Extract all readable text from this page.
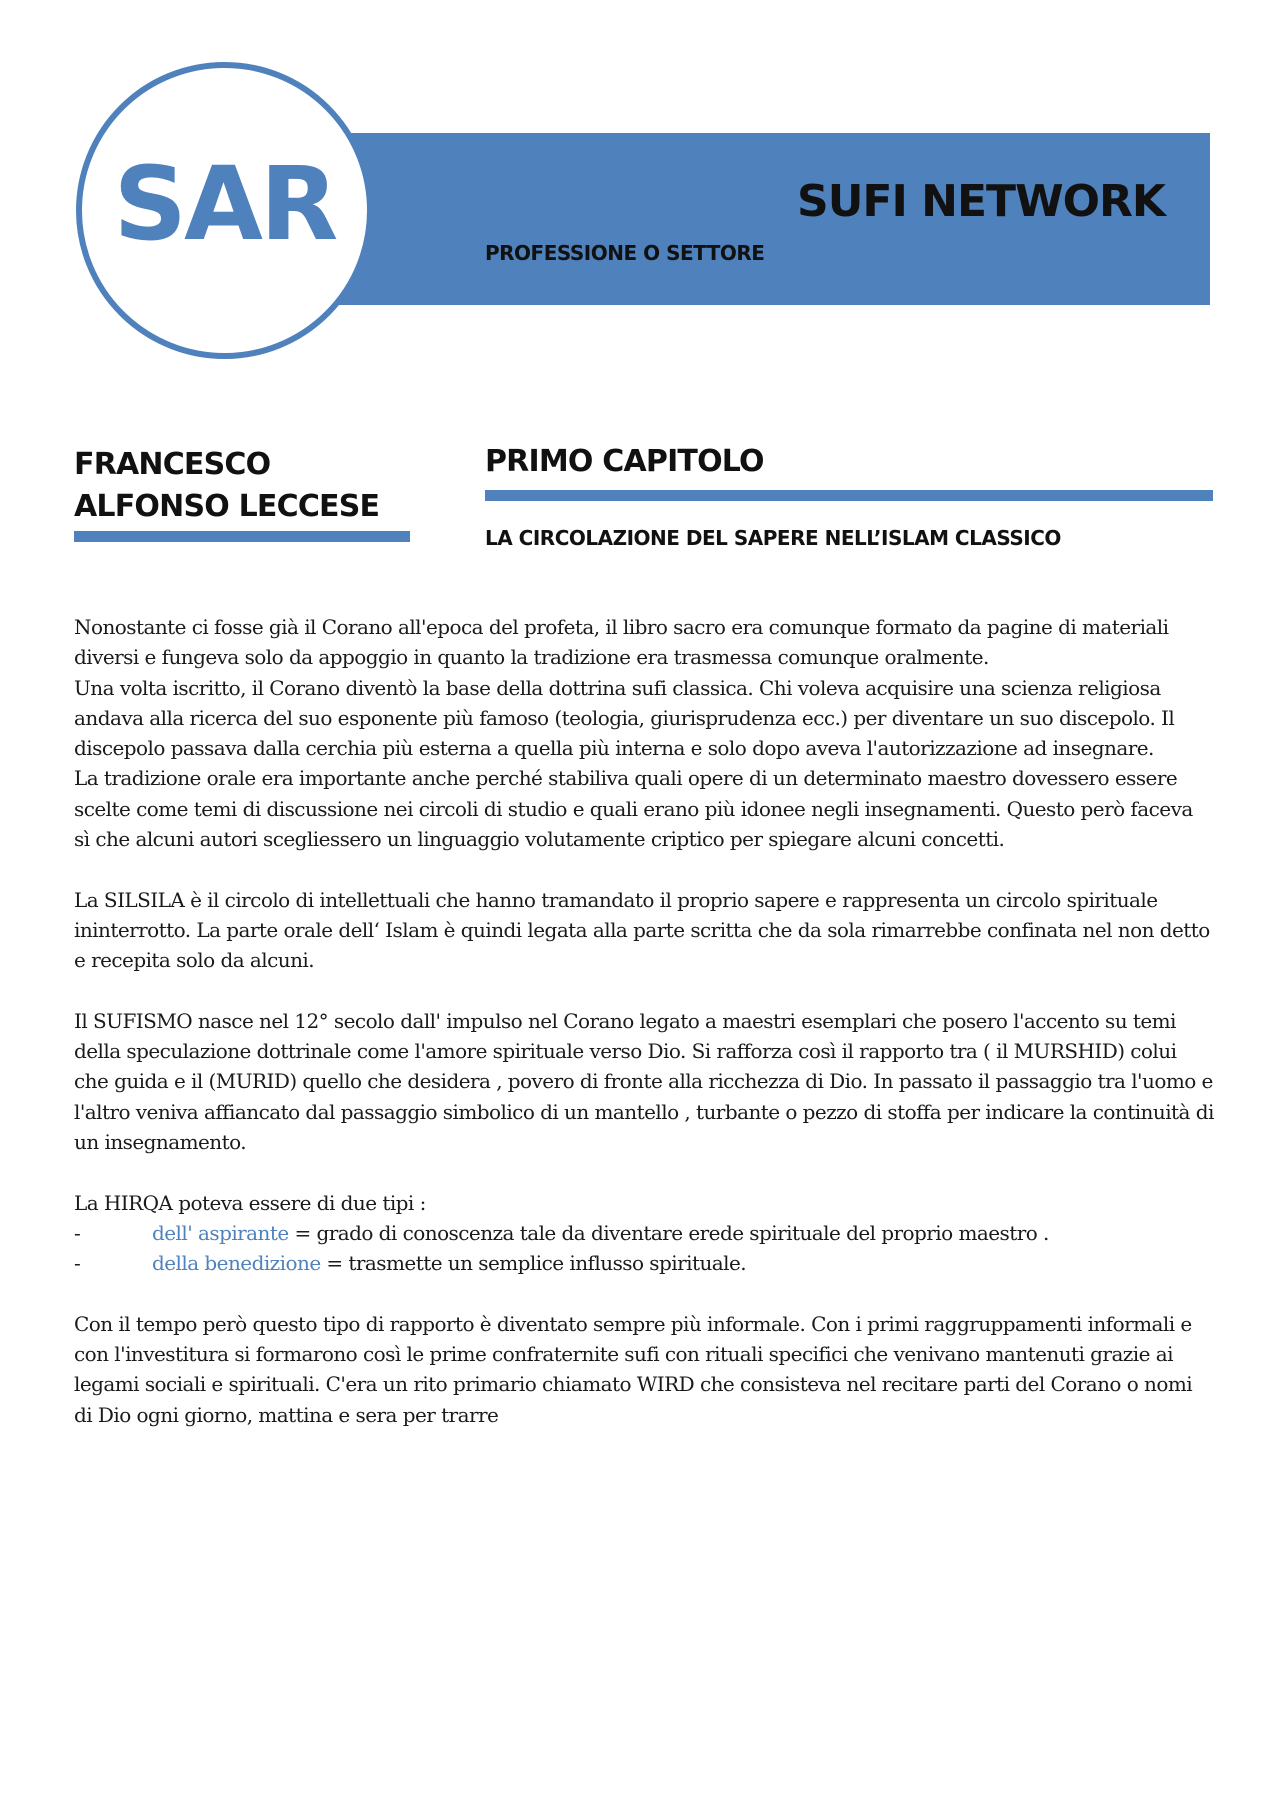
SAR	SUFI NETWORK
PROFESSIONE O SETTORE
FRANCESCO
ALFONSO LECCESE
PRIMO CAPITOLO
LA CIRCOLAZIONE DEL SAPERE NELL’ISLAM CLASSICO

Nonostante ci fosse già il Corano all'epoca del profeta, il libro sacro era comunque formato da pagine di materiali diversi e fungeva solo da appoggio in quanto la tradizione era trasmessa comunque oralmente.

Una volta iscritto, il Corano diventò la base della dottrina sufi classica. Chi voleva acquisire una scienza religiosa andava alla ricerca del suo esponente più famoso (teologia, giurisprudenza ecc.) per diventare un suo discepolo. Il discepolo passava dalla cerchia più esterna a quella più interna e solo dopo aveva l'autorizzazione ad insegnare.

La tradizione orale era importante anche perché stabiliva quali opere di un determinato maestro dovessero essere scelte come temi di discussione nei circoli di studio e quali erano più idonee negli insegnamenti. Questo però faceva sì che alcuni autori scegliessero un linguaggio volutamente criptico per spiegare alcuni concetti.

La SILSILA è il circolo di intellettuali che hanno tramandato il proprio sapere e rappresenta un circolo spirituale ininterrotto. La parte orale dell‘ Islam è quindi legata alla parte scritta che da sola rimarrebbe confinata nel non detto e recepita solo da alcuni.

Il SUFISMO nasce nel 12° secolo dall' impulso nel Corano legato a maestri esemplari che posero l'accento su temi della speculazione dottrinale come l'amore spirituale verso Dio. Si rafforza così il rapporto tra ( il MURSHID) colui che guida e il (MURID) quello che desidera , povero di fronte alla ricchezza di Dio. In passato il passaggio tra l'uomo e l'altro veniva affiancato dal passaggio simbolico di un mantello , turbante o pezzo di stoffa per indicare la continuità di un insegnamento.

La HIRQA poteva essere di due tipi :

-	dell' aspirante = grado di conoscenza tale da diventare erede spirituale del proprio maestro .
-	della benedizione = trasmette un semplice influsso spirituale.

Con il tempo però questo tipo di rapporto è diventato sempre più informale. Con i primi raggruppamenti informali e con l'investitura si formarono così le prime confraternite sufi con rituali specifici che venivano mantenuti grazie ai legami sociali e spirituali. C'era un rito primario chiamato WIRD che consisteva nel recitare parti del Corano o nomi di Dio ogni giorno, mattina e sera per trarre
